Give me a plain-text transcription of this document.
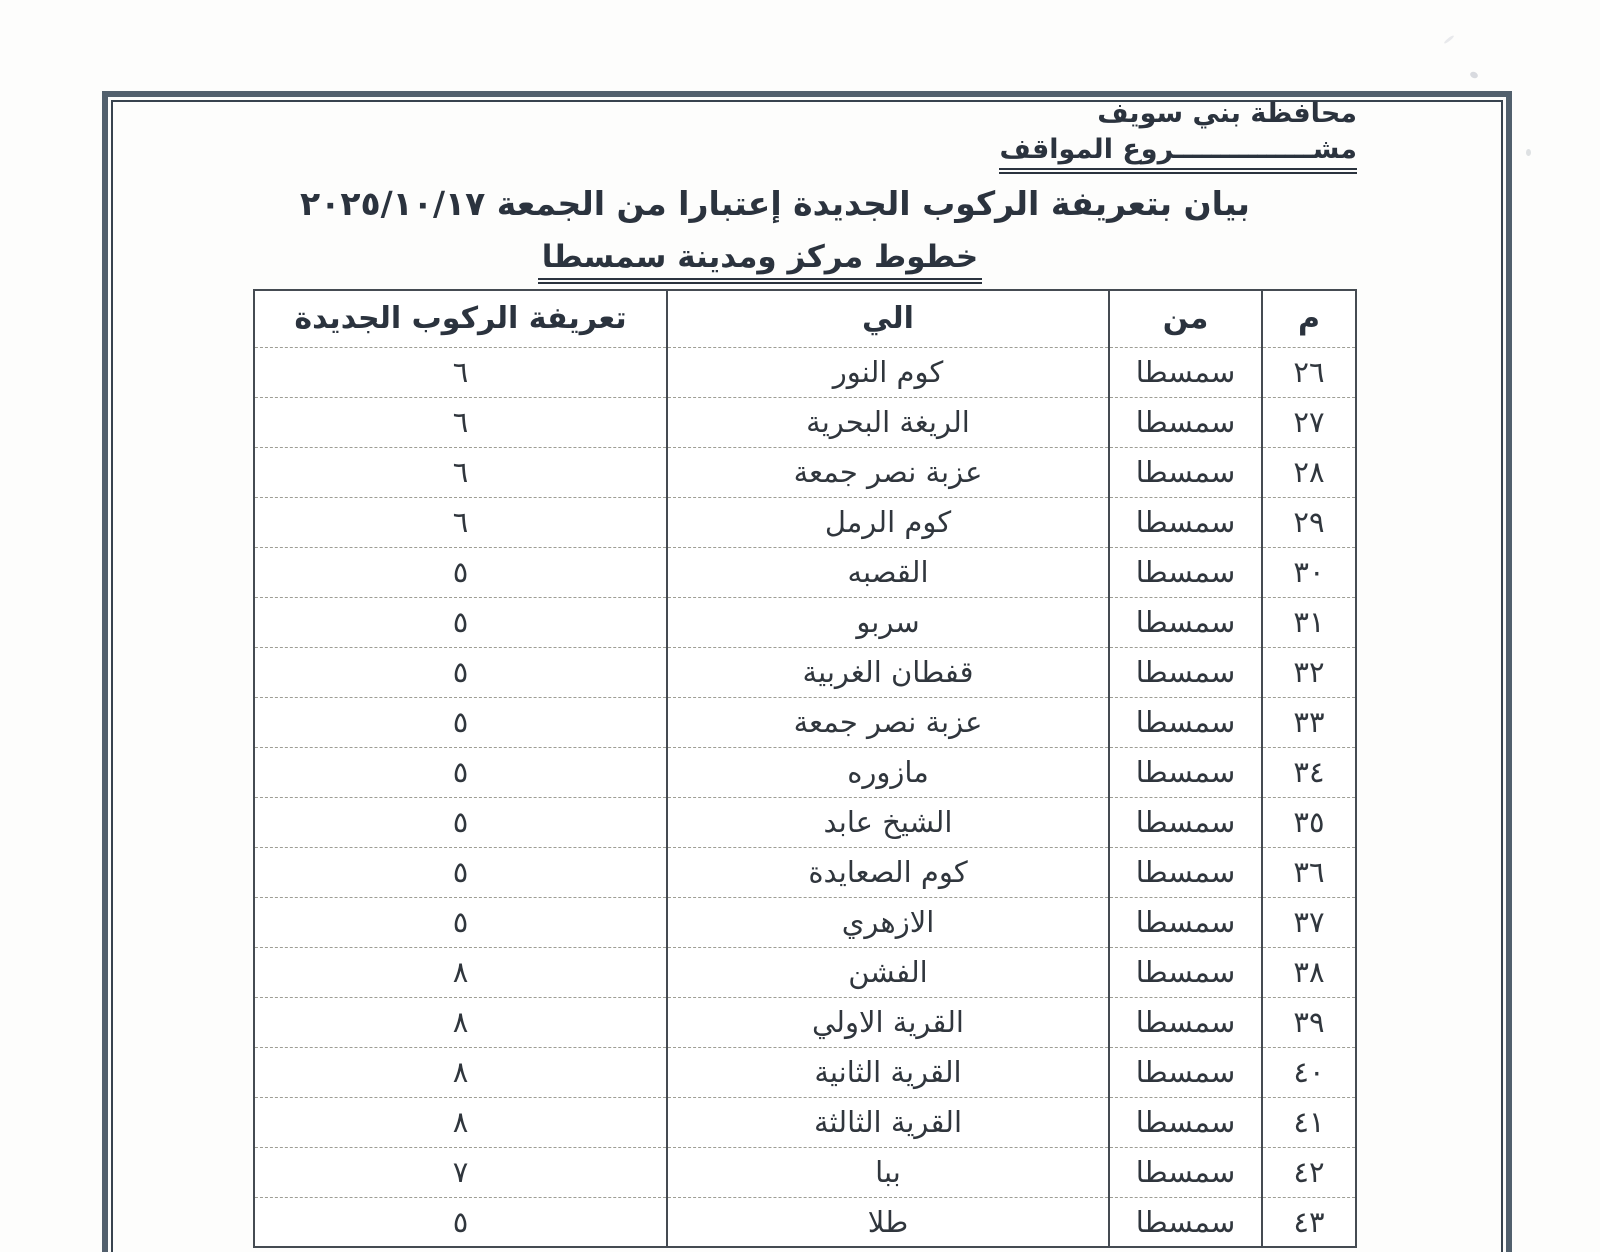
محافظة بني سويف
مشـــــــــــــــروع المواقف
بيان بتعريفة الركوب الجديدة إعتبارا من الجمعة ٢٠٢٥/١٠/١٧
خطوط مركز ومدينة سمسطا
م	من	الي	تعريفة الركوب الجديدة
٢٦	سمسطا	كوم النور	٦
٢٧	سمسطا	الريغة البحرية	٦
٢٨	سمسطا	عزبة نصر جمعة	٦
٢٩	سمسطا	كوم الرمل	٦
٣٠	سمسطا	القصبه	٥
٣١	سمسطا	سربو	٥
٣٢	سمسطا	قفطان الغربية	٥
٣٣	سمسطا	عزبة نصر جمعة	٥
٣٤	سمسطا	مازوره	٥
٣٥	سمسطا	الشيخ عابد	٥
٣٦	سمسطا	كوم الصعايدة	٥
٣٧	سمسطا	الازهري	٥
٣٨	سمسطا	الفشن	٨
٣٩	سمسطا	القرية الاولي	٨
٤٠	سمسطا	القرية الثانية	٨
٤١	سمسطا	القرية الثالثة	٨
٤٢	سمسطا	ببا	٧
٤٣	سمسطا	طلا	٥
